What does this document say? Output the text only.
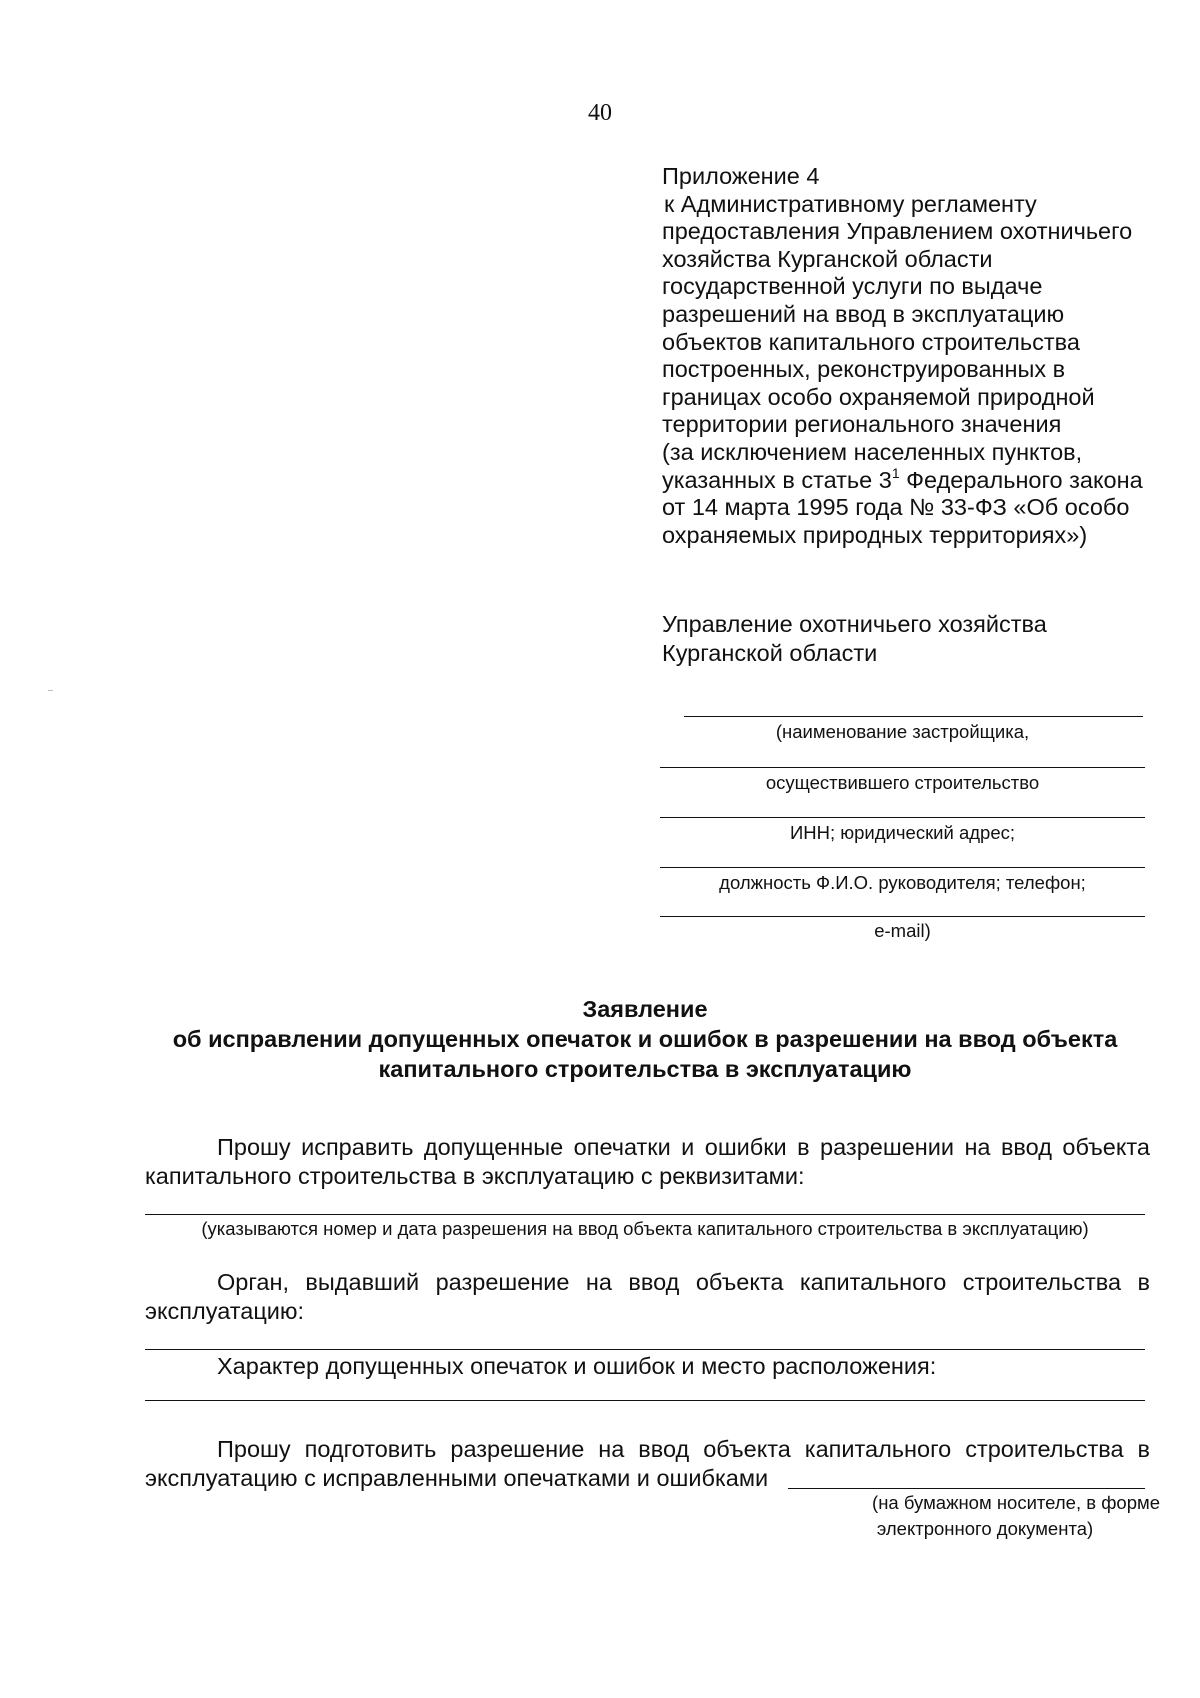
40
Приложение 4
к Административному регламенту
предоставления Управлением охотничьего
хозяйства Курганской области
государственной услуги по выдаче
разрешений на ввод в эксплуатацию
объектов капитального строительства
построенных, реконструированных в
границах особо охраняемой природной
территории регионального значения
(за исключением населенных пунктов,
указанных в статье $3^1$ Федерального закона
от 14 марта 1995 года № 33-ФЗ «Об особо
охраняемых природных территориях»)
Управление охотничьего хозяйства
Курганской области
(наименование застройщика,
осуществившего строительство
ИНН; юридический адрес;
должность Ф.И.О. руководителя; телефон;
e-mail)
Заявление
об исправлении допущенных опечаток и ошибок в разрешении на ввод объекта
капитального строительства в эксплуатацию
Прошу исправить допущенные опечатки и ошибки в разрешении на ввод объекта
капитального строительства в эксплуатацию с реквизитами:
(указываются номер и дата разрешения на ввод объекта капитального строительства в эксплуатацию)
Орган, выдавший разрешение на ввод объекта капитального строительства в
эксплуатацию:
Характер допущенных опечаток и ошибок и место расположения:
Прошу подготовить разрешение на ввод объекта капитального строительства в
эксплуатацию с исправленными опечатками и ошибками
(на бумажном носителе, в форме
электронного документа)
